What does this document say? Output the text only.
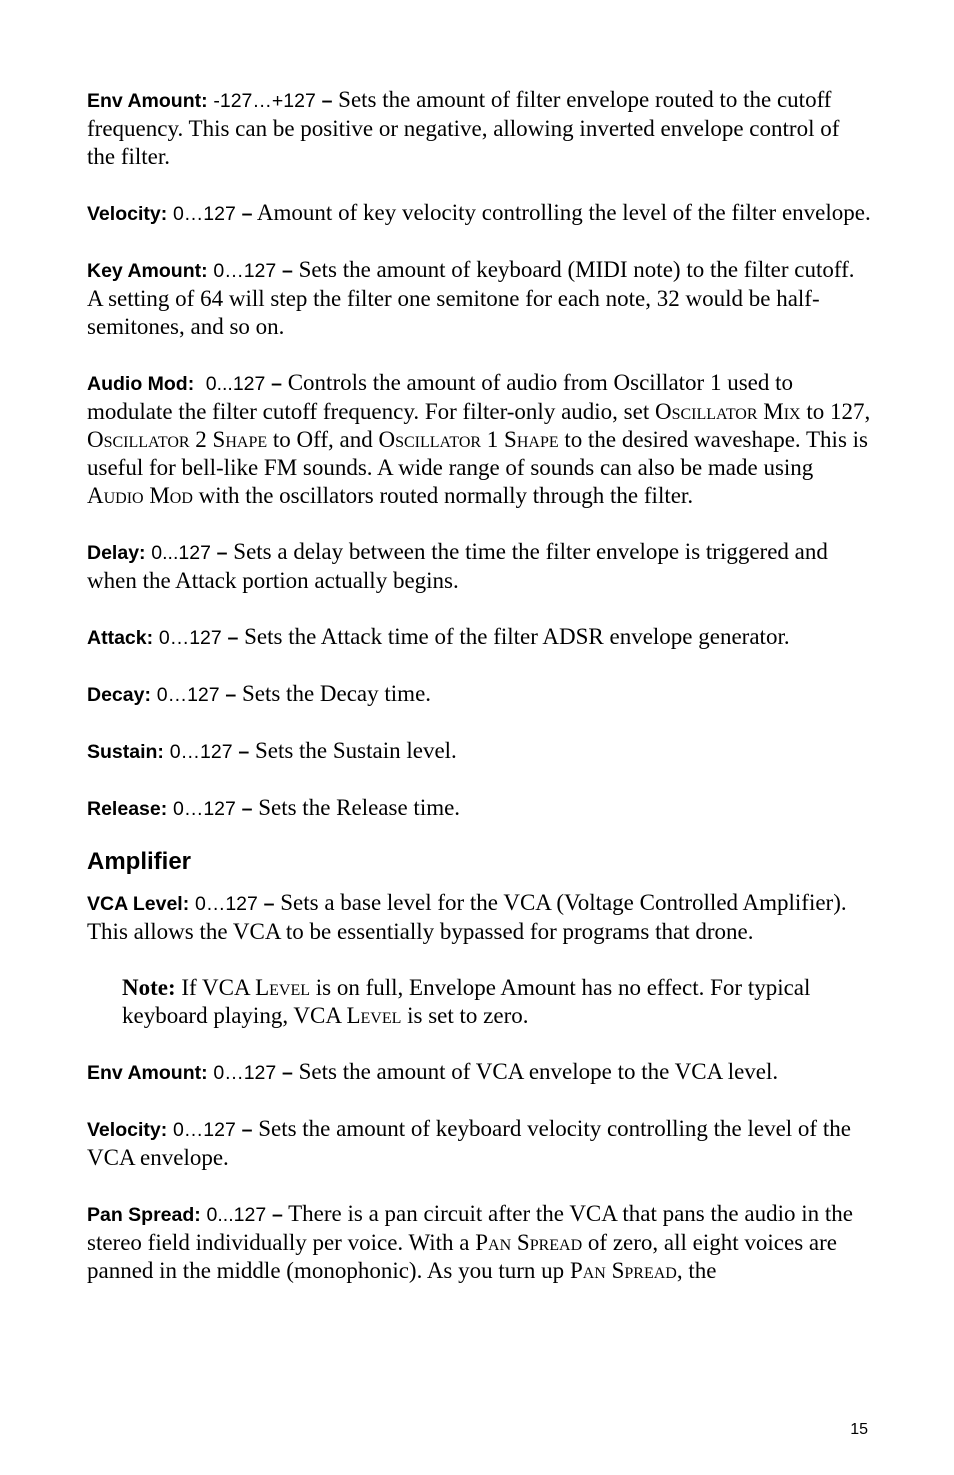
Env Amount: -127…+127 – Sets the amount of filter envelope routed to the cutoff frequency. This can be positive or negative, allowing inverted envelope control of the filter.

Velocity: 0…127 – Amount of key velocity controlling the level of the filter envelope.

Key Amount: 0…127 – Sets the amount of keyboard (MIDI note) to the filter cutoff. A setting of 64 will step the filter one semitone for each note, 32 would be half-semitones, and so on.

Audio Mod: 0...127 – Controls the amount of audio from Oscillator 1 used to modulate the filter cutoff frequency. For filter-only audio, set Oscillator Mix to 127, Oscillator 2 Shape to Off, and Oscillator 1 Shape to the desired waveshape. This is useful for bell-like FM sounds. A wide range of sounds can also be made using Audio Mod with the oscillators routed normally through the filter.

Delay: 0...127 – Sets a delay between the time the filter envelope is triggered and when the Attack portion actually begins.

Attack: 0…127 – Sets the Attack time of the filter ADSR envelope generator.

Decay: 0…127 – Sets the Decay time.

Sustain: 0…127 – Sets the Sustain level.

Release: 0…127 – Sets the Release time.

Amplifier

VCA Level: 0…127 – Sets a base level for the VCA (Voltage Controlled Amplifier). This allows the VCA to be essentially bypassed for programs that drone.

Note: If VCA Level is on full, Envelope Amount has no effect. For typical keyboard playing, VCA Level is set to zero.

Env Amount: 0…127 – Sets the amount of VCA envelope to the VCA level.

Velocity: 0…127 – Sets the amount of keyboard velocity controlling the level of the VCA envelope.

Pan Spread: 0...127 – There is a pan circuit after the VCA that pans the audio in the stereo field individually per voice. With a Pan Spread of zero, all eight voices are panned in the middle (monophonic). As you turn up Pan Spread, the

15
